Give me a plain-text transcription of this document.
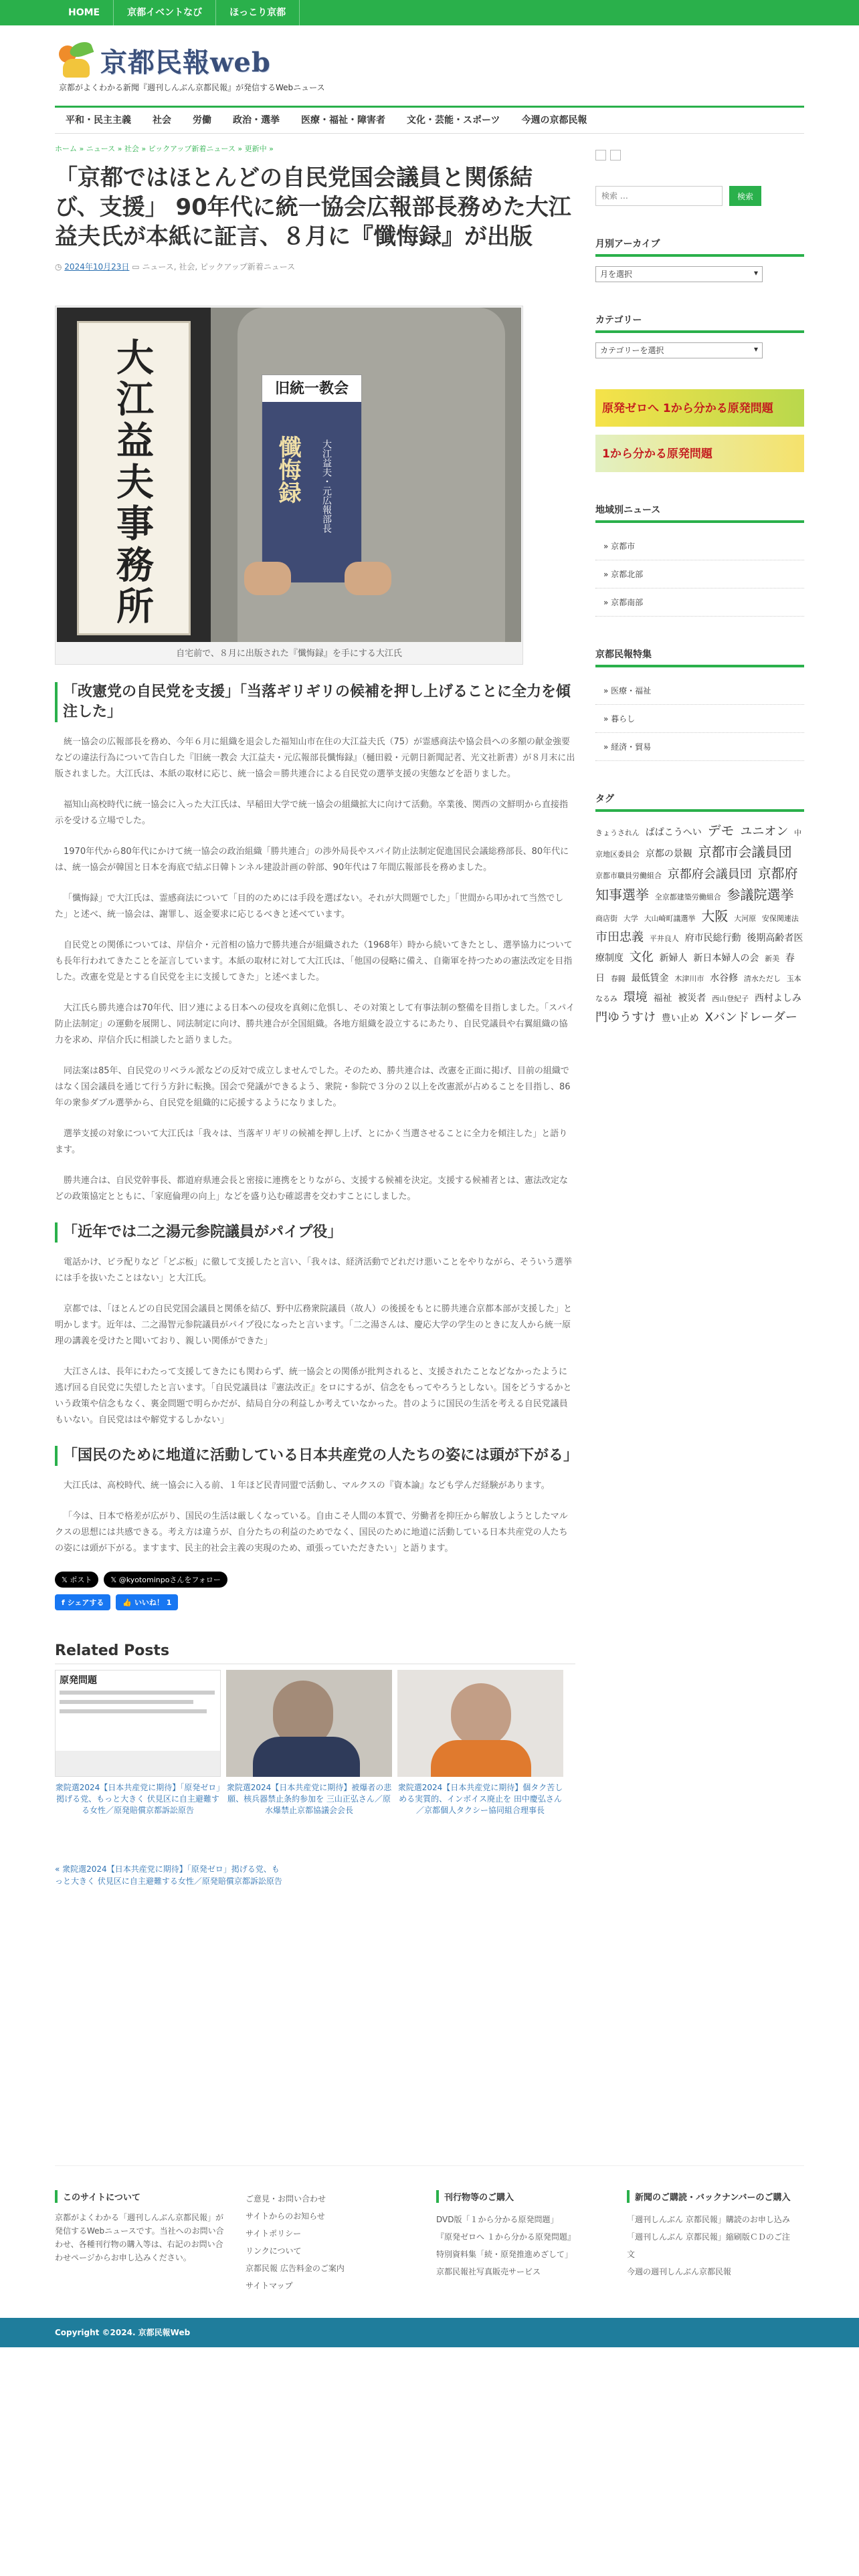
HOME	京都イベントなび	ほっこり京都
京都民報web
京都がよくわかる新聞『週刊しんぶん京都民報』が発信するWebニュース
平和・民主主義	社会	労働	政治・選挙	医療・福祉・障害者	文化・芸能・スポーツ	今週の京都民報
ホーム » ニュース » 社会 » ピックアップ新着ニュース » 更新中 »
「京都ではほとんどの自民党国会議員と関係結び、支援」 90年代に統一協会広報部長務めた大江益夫氏が本紙に証言、８月に『懺悔録』が出版
◷ 2024年10月23日 ▭ ニュース, 社会, ピックアップ新着ニュース
大江益夫事務所	旧統一教会
懺悔録	大江益夫・元広報部長
自宅前で、８月に出版された『懺悔録』を手にする大江氏
「改憲党の自民党を支援」「当落ギリギリの候補を押し上げることに全力を傾注した」

統一協会の広報部長を務め、今年６月に組織を退会した福知山市在住の大江益夫氏（75）が霊感商法や協会員への多額の献金強要などの違法行為について告白した『旧統一教会 大江益夫・元広報部長懺悔録』（樋田毅・元朝日新聞記者、光文社新書）が８月末に出版されました。大江氏は、本紙の取材に応じ、統一協会＝勝共連合による自民党の選挙支援の実態などを語りました。

福知山高校時代に統一協会に入った大江氏は、早稲田大学で統一協会の組織拡大に向けて活動。卒業後、関西の文鮮明から直接指示を受ける立場でした。

1970年代から80年代にかけて統一協会の政治組織「勝共連合」の渉外局長やスパイ防止法制定促進国民会議総務部長、80年代には、統一協会が韓国と日本を海底で結ぶ日韓トンネル建設計画の幹部、90年代は７年間広報部長を務めました。

「懺悔録」で大江氏は、霊感商法について「目的のためには手段を選ばない。それが大問題でした」「世間から叩かれて当然でした」と述べ、統一協会は、謝罪し、返金要求に応じるべきと述べています。

自民党との関係については、岸信介・元首相の協力で勝共連合が組織された（1968年）時から続いてきたとし、選挙協力についても長年行われてきたことを証言しています。本紙の取材に対して大江氏は、「他国の侵略に備え、自衛軍を持つための憲法改定を目指した。改憲を党是とする自民党を主に支援してきた」と述べました。

大江氏ら勝共連合は70年代、旧ソ連による日本への侵攻を真剣に危惧し、その対策として有事法制の整備を目指しました。「スパイ防止法制定」の運動を展開し、同法制定に向け、勝共連合が全国組織。各地方組織を設立するにあたり、自民党議員や右翼組織の協力を求め、岸信介氏に相談したと語りました。

同法案は85年、自民党のリベラル派などの反対で成立しませんでした。そのため、勝共連合は、改憲を正面に掲げ、目前の組織ではなく国会議員を通じて行う方針に転換。国会で発議ができるよう、衆院・参院で３分の２以上を改憲派が占めることを目指し、86年の衆参ダブル選挙から、自民党を組織的に応援するようになりました。

選挙支援の対象について大江氏は「我々は、当落ギリギリの候補を押し上げ、とにかく当選させることに全力を傾注した」と語ります。

勝共連合は、自民党幹事長、都道府県連会長と密接に連携をとりながら、支援する候補を決定。支援する候補者とは、憲法改定などの政策協定とともに、「家庭倫理の向上」などを盛り込む確認書を交わすことにしました。

「近年では二之湯元参院議員がパイプ役」

電話かけ、ビラ配りなど「どぶ板」に徹して支援したと言い、「我々は、経済活動でどれだけ悪いことをやりながら、そういう選挙には手を抜いたことはない」と大江氏。

京都では、「ほとんどの自民党国会議員と関係を結び、野中広務衆院議員（故人）の後援をもとに勝共連合京都本部が支援した」と明かします。近年は、二之湯智元参院議員がパイプ役になったと言います。「二之湯さんは、慶応大学の学生のときに友人から統一原理の講義を受けたと聞いており、親しい関係ができた」

大江さんは、長年にわたって支援してきたにも関わらず、統一協会との関係が批判されると、支援されたことなどなかったように逃げ回る自民党に失望したと言います。「自民党議員は『憲法改正』をロにするが、信念をもってやろうとしない。国をどうするかという政策や信念もなく、裏金問題で明らかだが、結局自分の利益しか考えていなかった。昔のように国民の生活を考える自民党議員もいない。自民党ははや解党するしかない」

「国民のために地道に活動している日本共産党の人たちの姿には頭が下がる」

大江氏は、高校時代、統一協会に入る前、１年ほど民青同盟で活動し、マルクスの『資本論』なども学んだ経験があります。

「今は、日本で格差が広がり、国民の生活は厳しくなっている。自由こそ人間の本質で、労働者を抑圧から解放しようとしたマルクスの思想には共感できる。考え方は違うが、自分たちの利益のためでなく、国民のために地道に活動している日本共産党の人たちの姿には頭が下がる。ますます、民主的社会主義の実現のため、頑張っていただきたい」と語ります。

𝕏 ポスト	𝕏 @kyotominpoさんをフォロー
f シェアする	👍 いいね！ 1
Related Posts
原発問題
衆院選2024【日本共産党に期待】「原発ゼロ」掲げる党、もっと大きく 伏見区に自主避難する女性／原発賠償京都訴訟原告
衆院選2024【日本共産党に期待】被爆者の悲願、核兵器禁止条約参加を 三山正弘さん／原水爆禁止京都協議会会長
衆院選2024【日本共産党に期待】個タク苦しめる実質的、インボイス廃止を 田中慶弘さん／京都個人タクシー協同組合理事長
« 衆院選2024【日本共産党に期待】「原発ゼロ」掲げる党、もっと大きく 伏見区に自主避難する女性／原発賠償京都訴訟原告
検索 …
検索
月別アーカイブ
月を選択	▾
カテゴリー
カテゴリーを選択	▾
原発ゼロへ 1から分かる原発問題
1から分かる原発問題
地域別ニュース
» 京都市
» 京都北部
» 京都南部
京都民報特集
» 医療・福祉
» 暮らし
» 経済・貿易
タグ
きょうされん ぱぱこうへい デモ ユニオン 中京地区委員会 京都の景観 京都市会議員団 京都市職員労働組合 京都府会議員団 京都府知事選挙 全京都建築労働組合 参議院選挙 商店街 大学 大山崎町議選挙 大阪 大河原 安保関連法 市田忠義 平井良人 府市民総行動 後期高齢者医療制度 文化 新婦人 新日本婦人の会 新美 春日 春闘 最低賃金 木津川市 水谷修 清水ただし 玉本なるみ 環境 福祉 被災者 西山登紀子 西村よしみ 門ゆうすけ 豊い止め Xバンドレーダー
このサイトについて
京都がよくわかる「週刊しんぶん京都民報」が発信するWebニュースです。当社へのお問い合わせ、各種刊行物の購入等は、右記のお問い合わせページからお申し込みください。
ご意見・お問い合わせ
サイトからのお知らせ
サイトポリシー
リンクについて
京都民報 広告料金のご案内
サイトマップ
刊行物等のご購入
DVD版「１から分かる原発問題」
『原発ゼロへ １から分かる原発問題』
特別資料集「続・原発推進めざして」
京都民報社写真販売サービス
新聞のご購読・バックナンバーのご購入
「週刊しんぶん 京都民報」購読のお申し込み
「週刊しんぶん 京都民報」縮刷版ＣＤのご注文
今週の週刊しんぶん京都民報
Copyright ©2024. 京都民報Web
